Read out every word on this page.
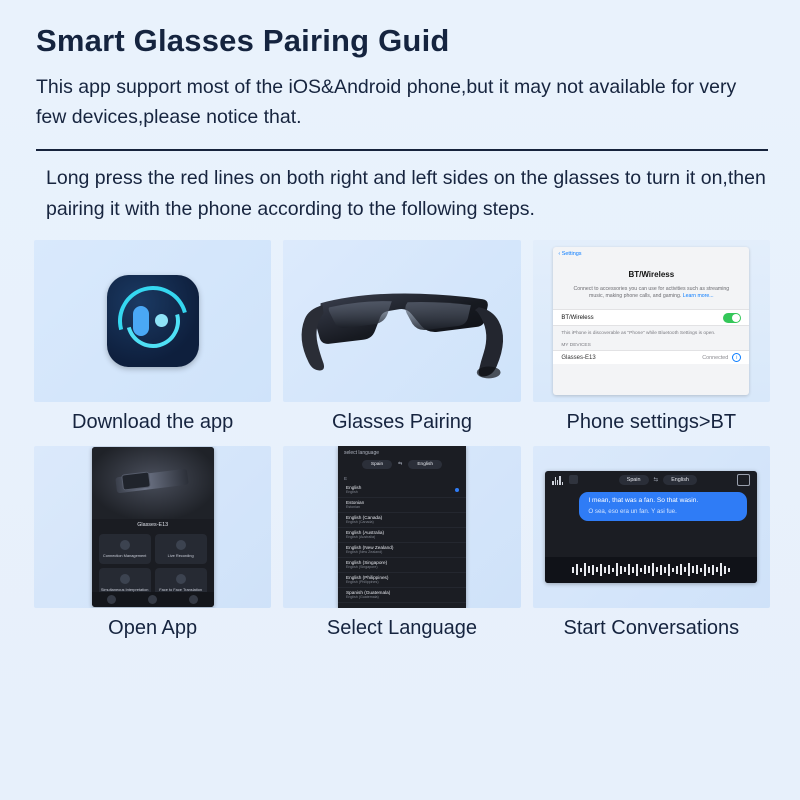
Smart Glasses Pairing Guid

This app support most of the iOS&Android phone,but it may not available for very few devices,please notice that.

Long press the red lines on both right and left sides on the glasses to turn it on,then pairing it with the phone according to the following steps.

Download the app	Glasses Pairing
‹ Settings
BT/Wireless
Connect to accessories you can use for activities such as streaming music, making phone calls, and gaming. Learn more...
BT/Wireless
This iPhone is discoverable as "Phone" while Bluetooth Settings is open.
MY DEVICES
Glasses-E13	Connected	i
Phone settings>BT
Glasses-E13
Connection Management	Live Recording
Simultaneous Interpretation	Face to Face Translation
Open App
select language
Spain	⇆	English
E
English
English
Estonian
Estonian
English (Canada)
English (Canada)
English (Australia)
English (Australia)
English (New Zealand)
English (New Zealand)
English (Singapore)
English (Singapore)
English (Philippines)
English (Philippines)
Spanish (Guatemala)
English (Guatemala)
Select Language
Spain	⇆	English
I mean, that was a fan. So that wasin.
O sea, eso era un fan. Y asi fue.
Start Conversations
